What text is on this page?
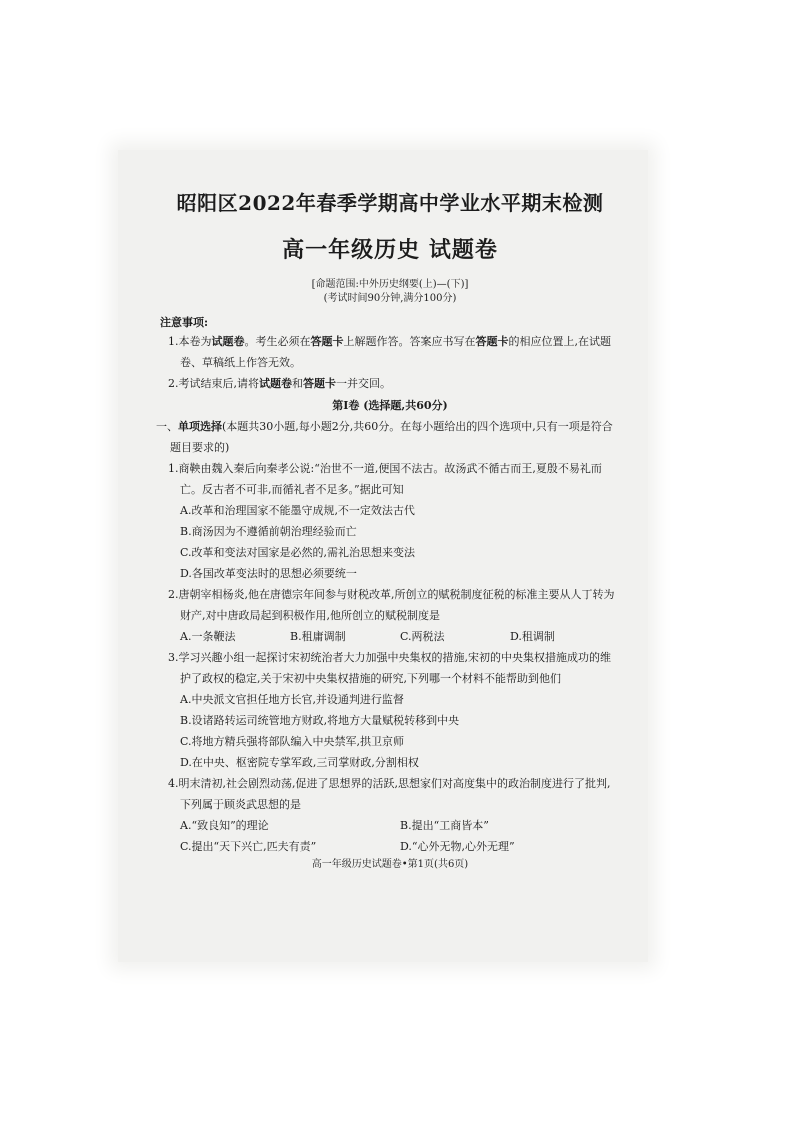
昭阳区2022年春季学期高中学业水平期末检测
高一年级历史 试题卷

[命题范围:中外历史纲要(上)—(下)]

(考试时间90分钟,满分100分)

注意事项:
1.本卷为试题卷。考生必须在答题卡上解题作答。答案应书写在答题卡的相应位置上,在试题
卷、草稿纸上作答无效。
2.考试结束后,请将试题卷和答题卡一并交回。
第Ⅰ卷 (选择题,共60分)
一、单项选择(本题共30小题,每小题2分,共60分。在每小题给出的四个选项中,只有一项是符合
题目要求的)
1.商鞅由魏入秦后向秦孝公说:“治世不一道,便国不法古。故汤武不循古而王,夏殷不易礼而
亡。反古者不可非,而循礼者不足多。”据此可知
A.改革和治理国家不能墨守成规,不一定效法古代
B.商汤因为不遵循前朝治理经验而亡
C.改革和变法对国家是必然的,需礼治思想来变法
D.各国改革变法时的思想必须要统一
2.唐朝宰相杨炎,他在唐德宗年间参与财税改革,所创立的赋税制度征税的标准主要从人丁转为
财产,对中唐政局起到积极作用,他所创立的赋税制度是
A.一条鞭法	B.租庸调制	C.两税法	D.租调制
3.学习兴趣小组一起探讨宋初统治者大力加强中央集权的措施,宋初的中央集权措施成功的维
护了政权的稳定,关于宋初中央集权措施的研究,下列哪一个材料不能帮助到他们
A.中央派文官担任地方长官,并设通判进行监督
B.设诸路转运司统管地方财政,将地方大量赋税转移到中央
C.将地方精兵强将部队编入中央禁军,拱卫京师
D.在中央、枢密院专掌军政,三司掌财政,分割相权
4.明末清初,社会剧烈动荡,促进了思想界的活跃,思想家们对高度集中的政治制度进行了批判,
下列属于顾炎武思想的是
A.“致良知”的理论	B.提出“工商皆本”
C.提出“天下兴亡,匹夫有责”	D.“心外无物,心外无理”
高一年级历史试题卷•第1页(共6页)
